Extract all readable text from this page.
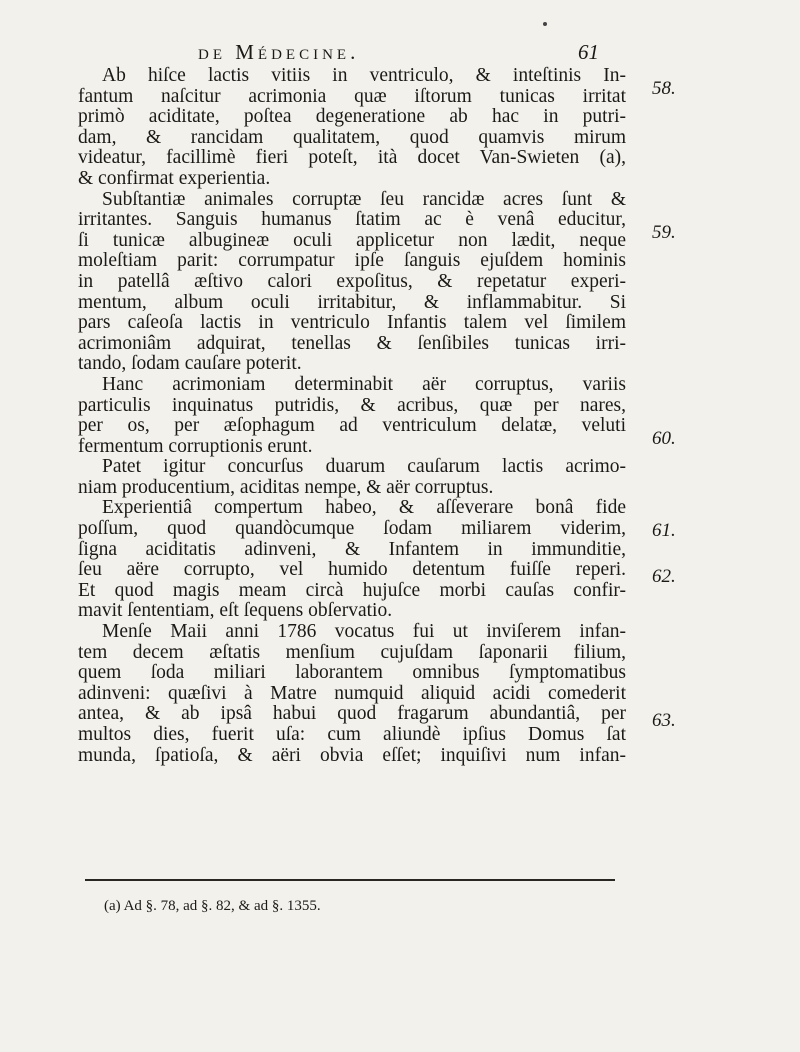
de Médecine.	61
Ab hiſce lactis vitiis in ventriculo, & inteſtinis In-
fantum naſcitur acrimonia quæ iſtorum tunicas irritat
primò aciditate, poſtea degeneratione ab hac in putri-
dam, & rancidam qualitatem, quod quamvis mirum
videatur, facillimè fieri poteſt, ità docet Van-Swieten (a),
& confirmat experientia.
Subſtantiæ animales corruptæ ſeu rancidæ acres ſunt &
irritantes. Sanguis humanus ſtatim ac è venâ educitur,
ſi tunicæ albugineæ oculi applicetur non lædit, neque
moleſtiam parit: corrumpatur ipſe ſanguis ejuſdem hominis
in patellâ æſtivo calori expoſitus, & repetatur experi-
mentum, album oculi irritabitur, & inflammabitur. Si
pars caſeoſa lactis in ventriculo Infantis talem vel ſimilem
acrimoniâm adquirat, tenellas & ſenſibiles tunicas irri-
tando, ſodam cauſare poterit.
Hanc acrimoniam determinabit aër corruptus, variis
particulis inquinatus putridis, & acribus, quæ per nares,
per os, per æſophagum ad ventriculum delatæ, veluti
fermentum corruptionis erunt.
Patet igitur concurſus duarum cauſarum lactis acrimo-
niam producentium, aciditas nempe, & aër corruptus.
Experientiâ compertum habeo, & aſſeverare bonâ fide
poſſum, quod quandòcumque ſodam miliarem viderim,
ſigna aciditatis adinveni, & Infantem in immunditie,
ſeu aëre corrupto, vel humido detentum fuiſſe reperi.
Et quod magis meam circà hujuſce morbi cauſas confir-
mavit ſententiam, eſt ſequens obſervatio.
Menſe Maii anni 1786 vocatus fui ut inviſerem infan-
tem decem æſtatis menſium cujuſdam ſaponarii filium,
quem ſoda miliari laborantem omnibus ſymptomatibus
adinveni: quæſivi à Matre numquid aliquid acidi comederit
antea, & ab ipsâ habui quod fragarum abundantiâ, per
multos dies, fuerit uſa: cum aliundè ipſius Domus ſat
munda, ſpatioſa, & aëri obvia eſſet; inquiſivi num infan-
58.
59.
60.
61.
62.
63.
(a) Ad §. 78, ad §. 82, & ad §. 1355.
